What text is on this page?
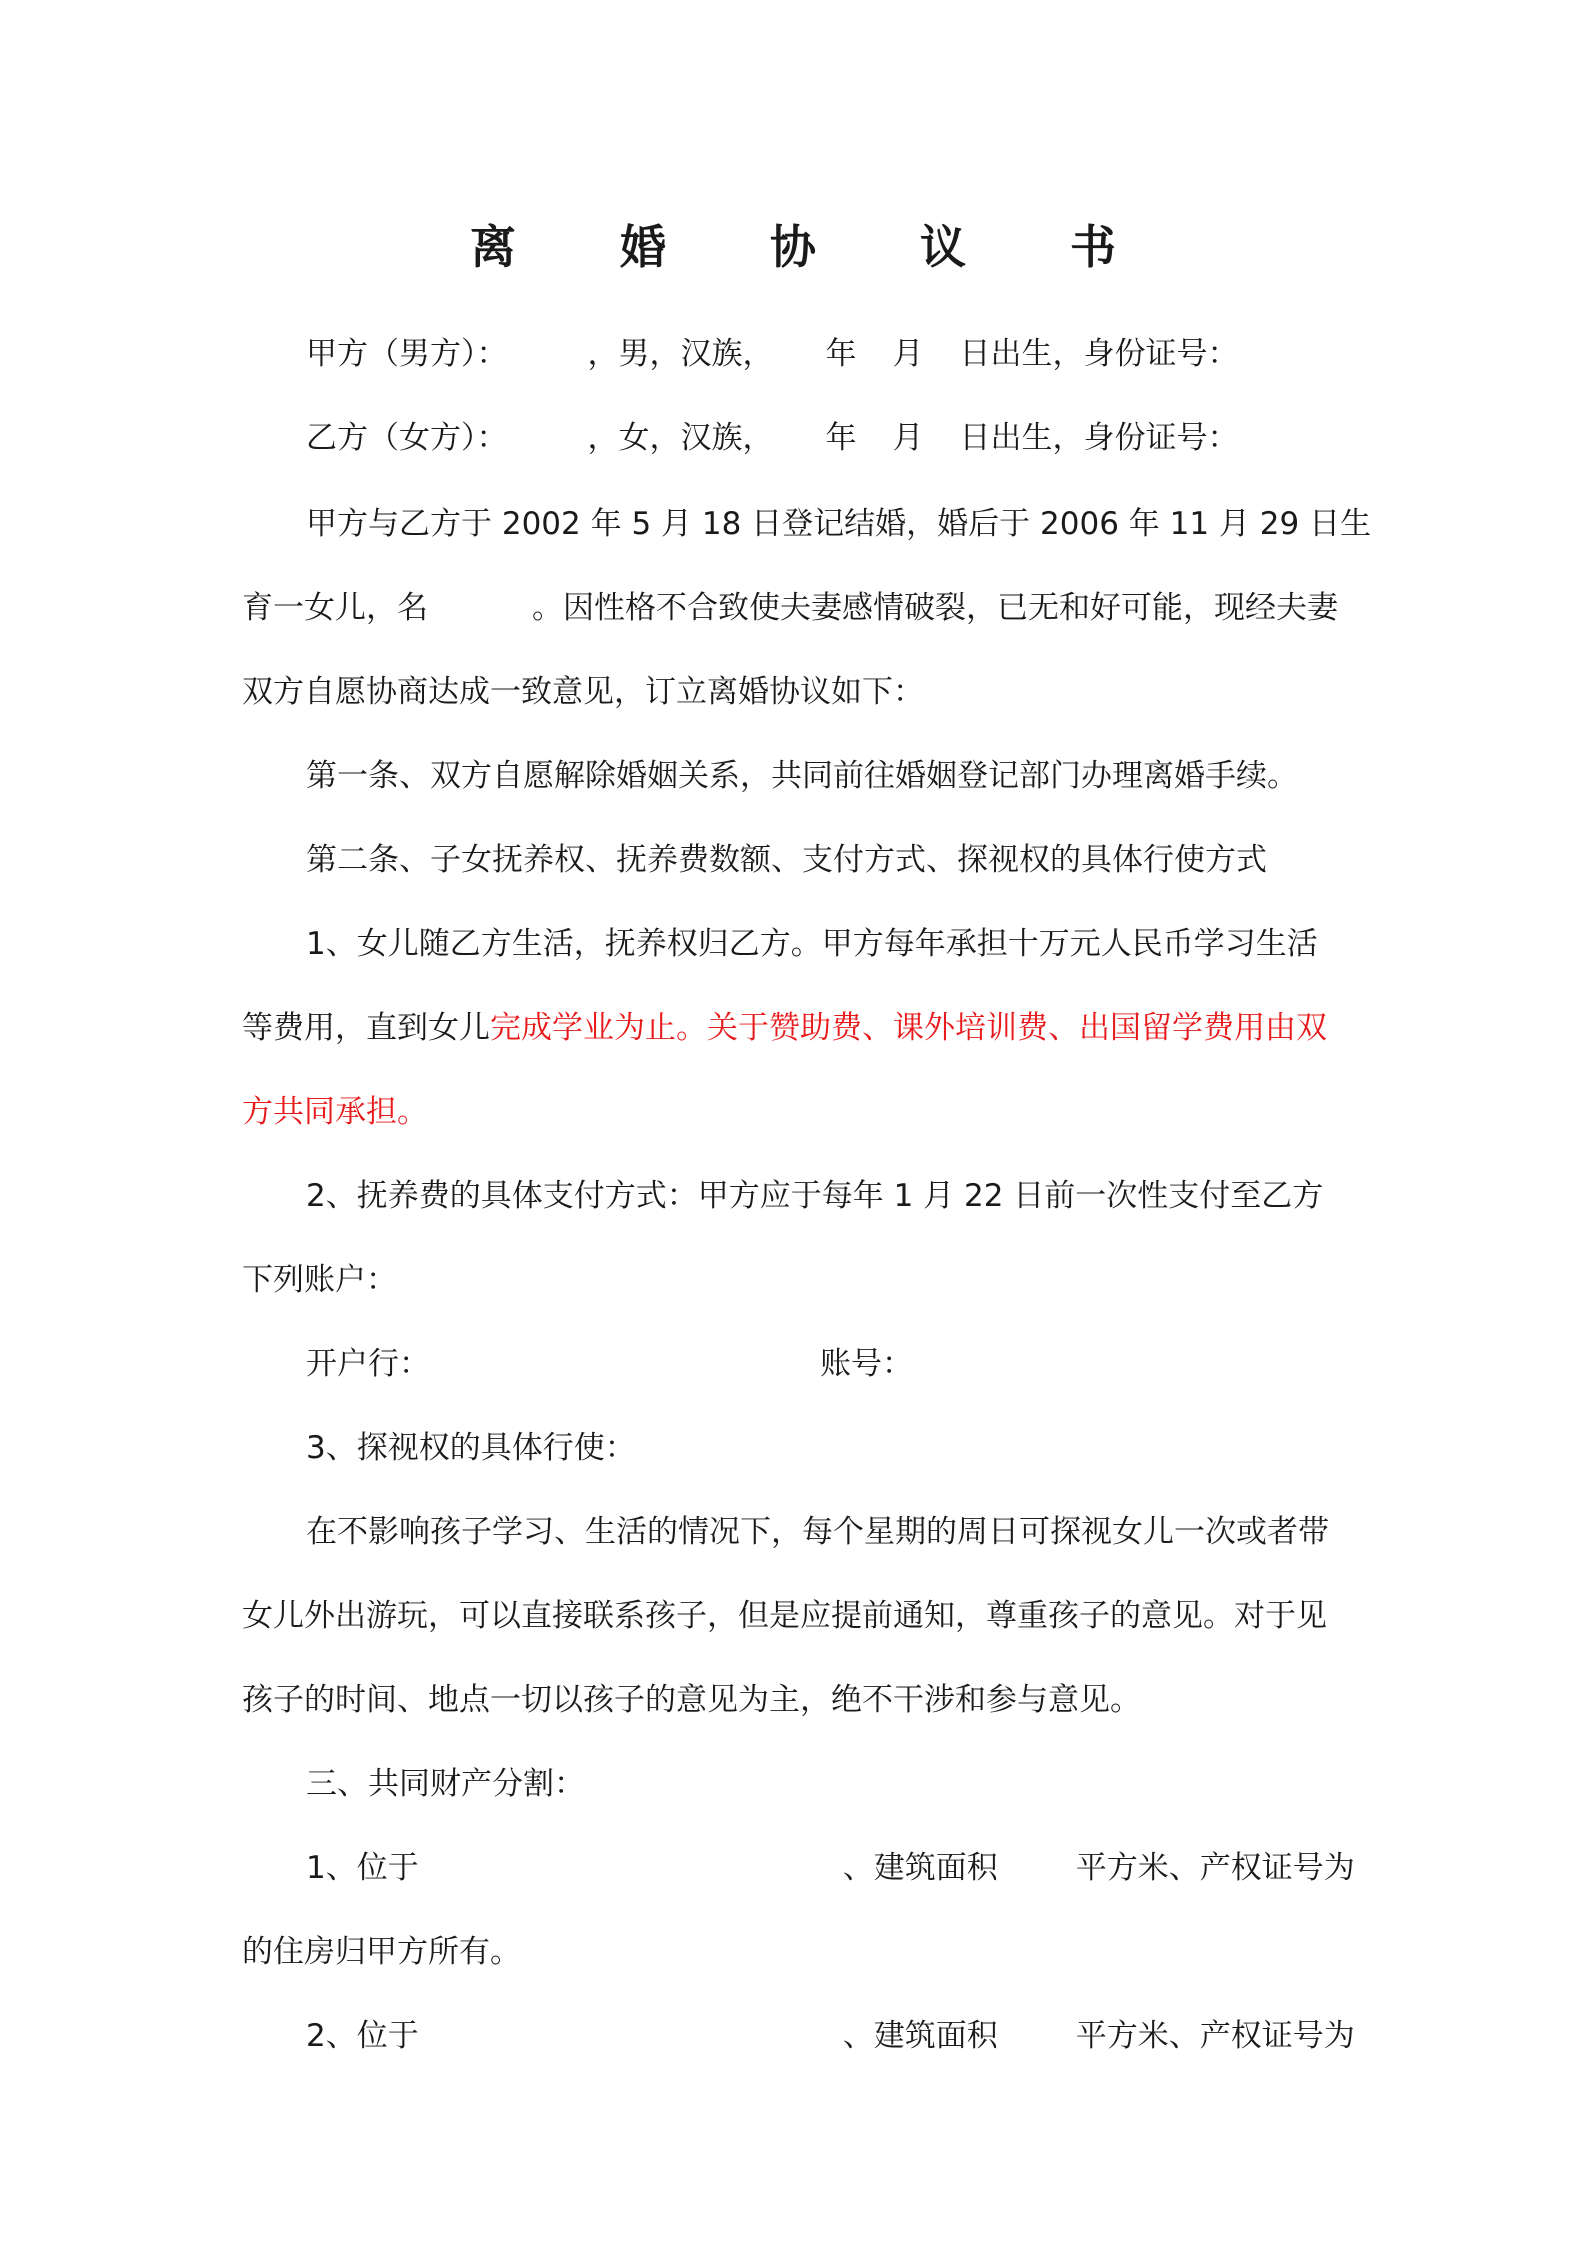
离 婚 协 议 书
甲方（男方）：	，男，汉族， 年 月 日出生，身份证号：
乙方（女方）：	，女，汉族， 年 月 日出生，身份证号：
甲方与乙方于 2002 年 5 月 18 日登记结婚，婚后于 2006 年 11 月 29 日生
育一女儿，名	。因性格不合致使夫妻感情破裂，已无和好可能，现经夫妻
双方自愿协商达成一致意见，订立离婚协议如下：
第一条、双方自愿解除婚姻关系，共同前往婚姻登记部门办理离婚手续。
第二条、子女抚养权、抚养费数额、支付方式、探视权的具体行使方式
1、女儿随乙方生活，抚养权归乙方。甲方每年承担十万元人民币学习生活
等费用，直到女儿完成学业为止。关于赞助费、课外培训费、出国留学费用由双
方共同承担。
2、抚养费的具体支付方式：甲方应于每年 1 月 22 日前一次性支付至乙方
下列账户：
开户行：	账号：
3、探视权的具体行使：
在不影响孩子学习、生活的情况下，每个星期的周日可探视女儿一次或者带
女儿外出游玩，可以直接联系孩子，但是应提前通知，尊重孩子的意见。对于见
孩子的时间、地点一切以孩子的意见为主，绝不干涉和参与意见。
三、共同财产分割：
1、位于	、建筑面积	平方米、产权证号为
的住房归甲方所有。
2、位于	、建筑面积	平方米、产权证号为
